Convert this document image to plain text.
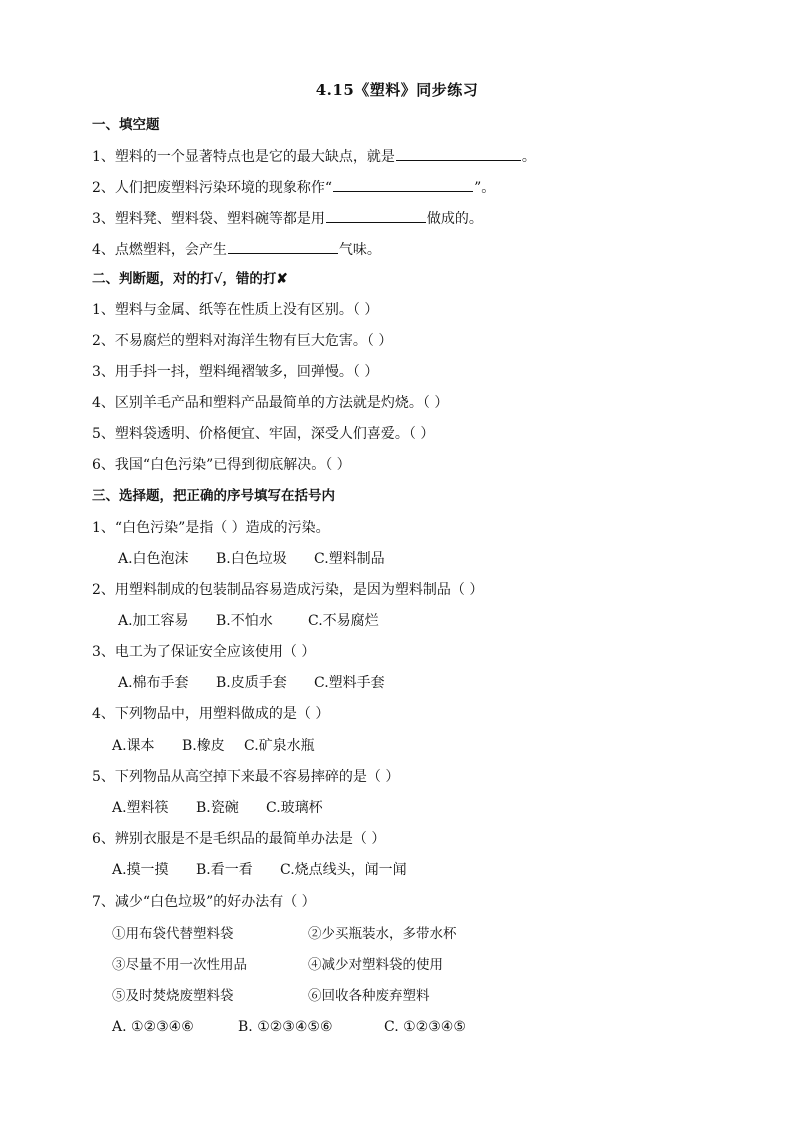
4.15《塑料》同步练习
一、填空题
1、塑料的一个显著特点也是它的最大缺点，就是	。
2、人们把废塑料污染环境的现象称作“	”。
3、塑料凳、塑料袋、塑料碗等都是用	做成的。
4、点燃塑料，会产生	气味。
二、判断题，对的打√，错的打✘
1、塑料与金属、纸等在性质上没有区别。（ ）
2、不易腐烂的塑料对海洋生物有巨大危害。（ ）
3、用手抖一抖，塑料绳褶皱多，回弹慢。（ ）
4、区别羊毛产品和塑料产品最简单的方法就是灼烧。（ ）
5、塑料袋透明、价格便宜、牢固，深受人们喜爱。（ ）
6、我国“白色污染”已得到彻底解决。（ ）
三、选择题，把正确的序号填写在括号内
1、“白色污染”是指（ ）造成的污染。
A.白色泡沫 B.白色垃圾 C.塑料制品
2、用塑料制成的包装制品容易造成污染，是因为塑料制品（ ）
A.加工容易 B.不怕水	C.不易腐烂
3、电工为了保证安全应该使用（ ）
A.棉布手套 B.皮质手套 C.塑料手套
4、下列物品中，用塑料做成的是（ ）
A.课本 B.橡皮 C.矿泉水瓶
5、下列物品从高空掉下来最不容易摔碎的是（ ）
A.塑料筷 B.瓷碗 C.玻璃杯
6、辨别衣服是不是毛织品的最简单办法是（ ）
A.摸一摸 B.看一看 C.烧点线头，闻一闻
7、减少“白色垃圾”的好办法有（ ）
①用布袋代替塑料袋	②少买瓶装水，多带水杯
③尽量不用一次性用品	④减少对塑料袋的使用
⑤及时焚烧废塑料袋	⑥回收各种废弃塑料
A. ①②③④⑥	B. ①②③④⑤⑥	C. ①②③④⑤
